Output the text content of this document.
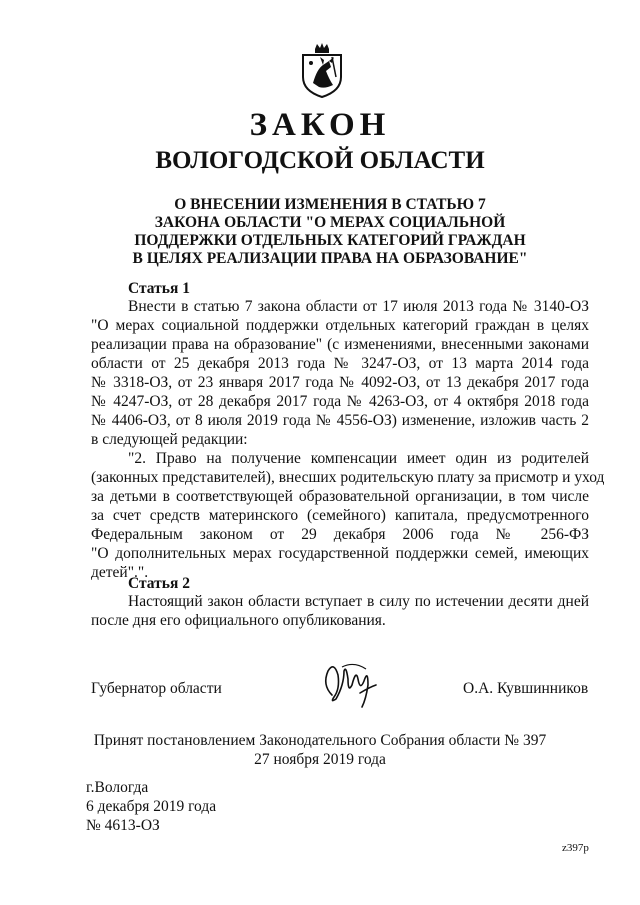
ЗАКОН
ВОЛОГОДСКОЙ ОБЛАСТИ
О ВНЕСЕНИИ ИЗМЕНЕНИЯ В СТАТЬЮ 7
ЗАКОНА ОБЛАСТИ "О МЕРАХ СОЦИАЛЬНОЙ
ПОДДЕРЖКИ ОТДЕЛЬНЫХ КАТЕГОРИЙ ГРАЖДАН
В ЦЕЛЯХ РЕАЛИЗАЦИИ ПРАВА НА ОБРАЗОВАНИЕ"
Статья 1
Внести в статью 7 закона области от 17 июля 2013 года № 3140-ОЗ
"О мерах социальной поддержки отдельных категорий граждан в целях
реализации права на образование" (с изменениями, внесенными законами
области от 25 декабря 2013 года № 3247-ОЗ, от 13 марта 2014 года
№ 3318-ОЗ, от 23 января 2017 года № 4092-ОЗ, от 13 декабря 2017 года
№ 4247-ОЗ, от 28 декабря 2017 года № 4263-ОЗ, от 4 октября 2018 года
№ 4406-ОЗ, от 8 июля 2019 года № 4556-ОЗ) изменение, изложив часть 2
в следующей редакции:
"2. Право на получение компенсации имеет один из родителей
(законных представителей), внесших родительскую плату за присмотр и уход
за детьми в соответствующей образовательной организации, в том числе
за счет средств материнского (семейного) капитала, предусмотренного
Федеральным законом от 29 декабря 2006 года № 256-ФЗ
"О дополнительных мерах государственной поддержки семей, имеющих
детей".".
Статья 2
Настоящий закон области вступает в силу по истечении десяти дней
после дня его официального опубликования.
Губернатор области	О.А. Кувшинников
Принят постановлением Законодательного Собрания области № 397
27 ноября 2019 года
г.Вологда
6 декабря 2019 года
№ 4613-ОЗ
z397p
